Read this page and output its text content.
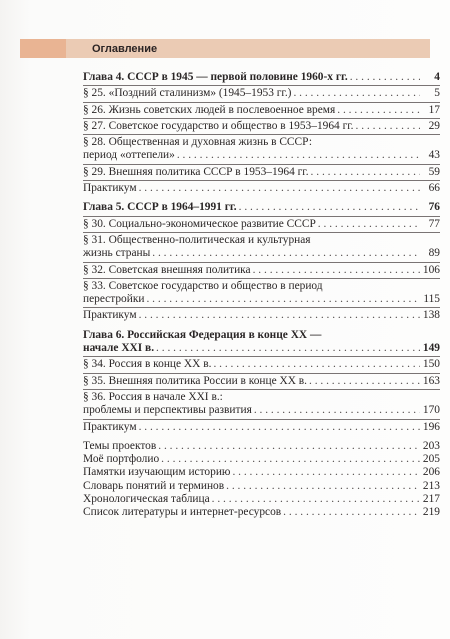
Оглавление
Глава 4. СССР в 1945 — первой половине 1960-х гг. . . .	4
§ 25. «Поздний сталинизм» (1945–1953 гг.) . . .	5
§ 26. Жизнь советских людей в послевоенное время . . .	17
§ 27. Советское государство и общество в 1953–1964 гг. . . .	29
§ 28. Общественная и духовная жизнь в СССР:
период «оттепели» . . .	43
§ 29. Внешняя политика СССР в 1953–1964 гг. . . .	59
Практикум . . .	66
Глава 5. СССР в 1964–1991 гг. . . .	76
§ 30. Социально-экономическое развитие СССР . . .	77
§ 31. Общественно-политическая и культурная
жизнь страны . . .	89
§ 32. Советская внешняя политика . . .	106
§ 33. Советское государство и общество в период
перестройки . . .	115
Практикум . . .	138
Глава 6. Российская Федерация в конце XX —
начале XXI в. . . .	149
§ 34. Россия в конце XX в. . . .	150
§ 35. Внешняя политика России в конце XX в. . . .	163
§ 36. Россия в начале XXI в.:
проблемы и перспективы развития . . .	170
Практикум . . .	196
Темы проектов . . .	203
Моё портфолио . . .	205
Памятки изучающим историю . . .	206
Словарь понятий и терминов . . .	213
Хронологическая таблица . . .	217
Список литературы и интернет-ресурсов . . .	219
